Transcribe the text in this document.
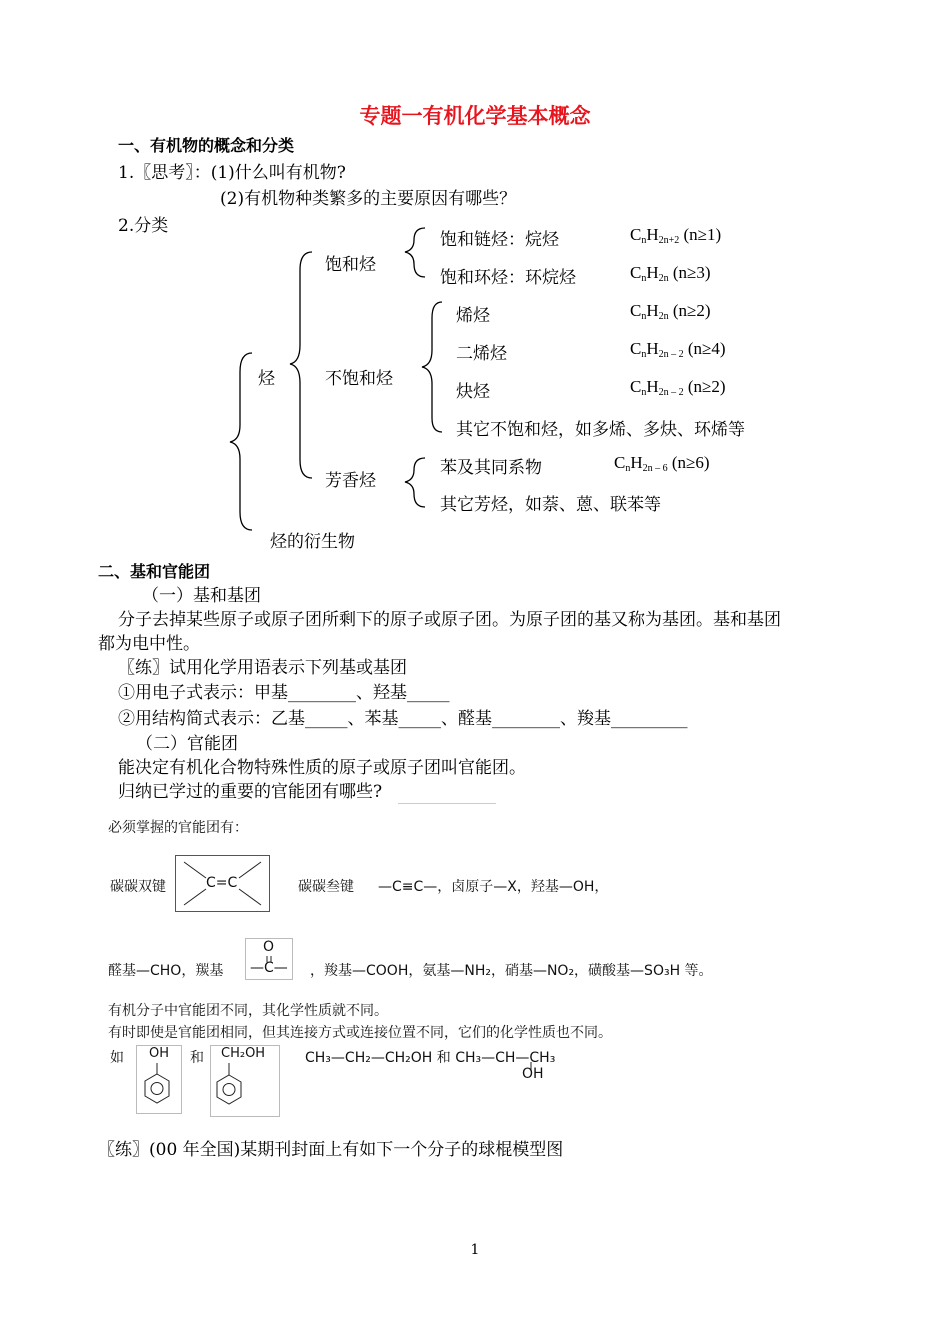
专题一有机化学基本概念
一、有机物的概念和分类
1.〖思考〗：(1)什么叫有机物?
(2)有机物种类繁多的主要原因有哪些？
2.分类
烃
烃的衍生物
饱和烃
不饱和烃
芳香烃
饱和链烃：烷烃	$C_nH_{2n+2}$ (n≥1)
饱和环烃：环烷烃	$C_nH_{2n}$ (n≥3)
烯烃	$C_nH_{2n}$ (n≥2)
二烯烃	$C_nH_{2n - 2}$ (n≥4)
炔烃	$C_nH_{2n - 2}$ (n≥2)
其它不饱和烃，如多烯、多炔、环烯等
苯及其同系物	$C_nH_{2n - 6}$ (n≥6)
其它芳烃，如萘、蒽、联苯等
二、基和官能团
（一）基和基团
分子去掉某些原子或原子团所剩下的原子或原子团。为原子团的基又称为基团。基和基团
都为电中性。
〖练〗试用化学用语表示下列基或基团
①用电子式表示：甲基________、羟基_____
②用结构简式表示：乙基_____、苯基_____、醛基________、羧基_________
（二）官能团
能决定有机化合物特殊性质的原子或原子团叫官能团。
归纳已学过的重要的官能团有哪些?
必须掌握的官能团有：
碳碳双键	C=C	碳碳叁键 —C≡C—，卤原子—X，羟基—OH，
醛基—CHO，羰基
O
—C— ，羧基—COOH，氨基—NH₂，硝基—NO₂，磺酸基—SO₃H 等。
有机分子中官能团不同，其化学性质就不同。
有时即使是官能团相同，但其连接方式或连接位置不同，它们的化学性质也不同。
如 OH 和 CH₂OH	CH₃—CH₂—CH₂OH 和 CH₃—CH—CH₃
OH
〖练〗(00 年全国)某期刊封面上有如下一个分子的球棍模型图
1
